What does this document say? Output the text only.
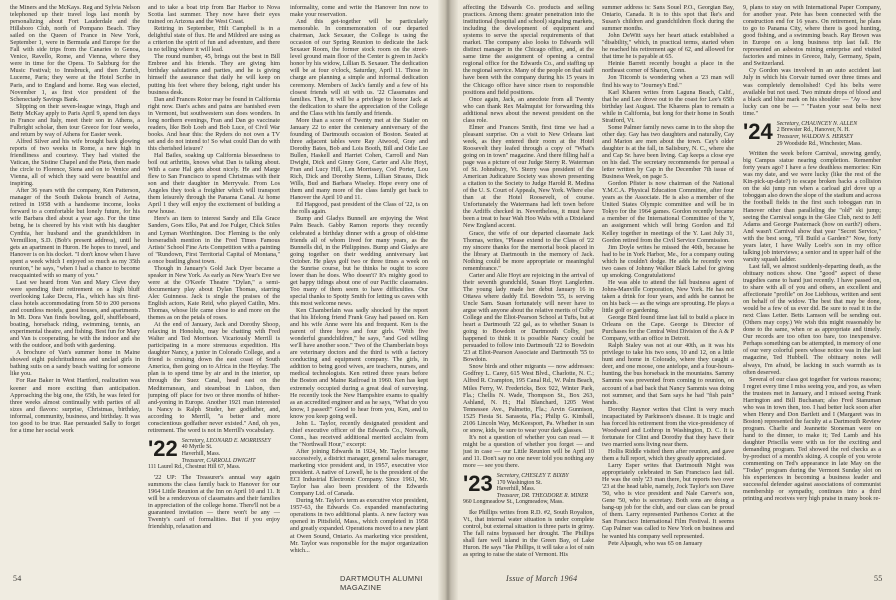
the Miners and the McKays. Reg and Sylvia Nelson telephoned up their travel logs last month by personalizing about Fort Lauderdale and the Hillsboro Club, north of Pompano Beach. They sailed on the Queen of France in New York, September 1, were in Bermuda and Europe for the Fall with side trips from the Canaries to Genoa, Venice, Ravello, Rome, and Vienna, where they were in time for the Opera. To Salzburg for the Music Festival; to Innsbruck, and then Zurich, Lucerne, Paris; they were at the Hotel Scribe in Paris, and to England and home. Reg was elected, November 1, as first vice president of the Schenectady Savings Bank.

Slipping on their seven-league wings, Hugh and Betty McKay apply to Paris April 9, spend ten days in France and Italy, meet their son in Athens, a Fulbright scholar, then tour Greece for four weeks, and return by way of Athens for Easter week.

Alfred Silver and his wife brought back glowing reports of two weeks in Rome, a new high in friendliness and courtesy. They had visited the Vatican, the Sistine Chapel and the Pieta, then made the circle to Florence, Siena and on to Venice and Vienna, all of which they said were beautiful and inspiring.

After 36 years with the company, Ken Patterson, manager of the South Dakota branch of Aetna, retired in 1958 with a handsome income, looks forward to a comfortable but lonely future, for his wife Barbara died about a year ago. For the time being, he is cheered by his visit with his daughter Cynthia, her husband and the grandchildren in Vermillion, S.D. (Bob's present address), until he gets an apartment in Huron. He hopes to travel, and Hanover is on his docket. "I don't know when I have spent a week which I enjoyed so much as my 35th reunion," he says, "when I had a chance to become reacquainted with so many of you."

Last we heard from Van and Mary Cleve they were spending their retirement on a high bluff overlooking Lake Decra, Fla., which has six first-class hotels accommodating from 50 to 200 persons and countless motels, guest houses, and apartments. In Mt. Dora Van finds bowling, golf, shuffleboard, boating, horseback riding, swimming, tennis, an experimental theatre, and fishing. Best fun for Mary and Van is cooperating, he with the indoor and she with the outdoor, and both with gardening.

A brochure of Van's summer home in Maine showed eight pulchritudinous and unclad girls in bathing suits on a sandy beach waiting for someone like you.

For Rae Baker in West Hartford, realization was keener and more exciting than anticipation. Approaching the big one, the 65th, he was feted for three weeks almost continually with parties of all sizes and flavors: surprise, Christmas, birthday, informal, community, business, and birthday. It was too good to be true. Rae persuaded Sally to forget for a time her social work

and to take a boat trip from Bar Harbor to Nova Scotia last summer. They now have their eyes trained on Arizona and the West Coast.

Retiring in September, Hilt Campbell is in a delightful state of flux. He and Mildred are using as a criterion the spirit of fun and adventure, and there is no telling where it will lead.

The round number, 45, brings out the best in Bill Embree and his friends. They are giving him birthday salutations and parties, and he is giving himself the assurance that daily he will keep on putting his feet where they belong, right under his business desk.

Dan and Frances Rotor may be found in California right now. Dan's aches and pains are banished even in Vermont, but southwestern sun does wonders. In long northern evenings, Fran and Dan go vaccinate readers, like Bob Loeb and Bob Luce, of Civil War books. And hear this: the Ryders do not own a TV set and do not intend to! So what could Dan do with this cherished leisure?

Hal Bailes, soaking up California blessedness to boil out arthritis, knows what Dan is talking about. With a cane Hal gets about nicely. He and Marge flew to San Francisco to spend Christmas with their son and their daughter in Merryvale. From Los Angeles they took a freighter which will transport them leisurely through the Panama Canal. At home April 1 they will enjoy the excitement of building a new house.

Here's an item to interest Sandy and Ella Grace Sanders, Goes Elks, Pat and Joe Fulger, Chick Stiles and Lyman Worthington. Doc Fleming is the only horseradish mention in the Fred Times Famous Artists' School Fine Arts Competition with a painting of "Rundown, First Territorial Capital of Montana," a once bustling ghost town.

Though in January's Gold Jack Dyer became a speaker in New York. As early as New Year's Eve we were at the O'Keefe Theatre "Dylan," a semi-documentary play about Dylan Thomas, starring Alec Guinness. Jack is single the praises of the English actors, Kate Reid, who played Caitlin, Mrs. Thomas, whose life came close to and more on the themes as on the petals of roses.

At the end of January, Jack and Dorothy Shoop, relaxing in Honolulu, may be chatting with Fred Walter and Ted Morrison. Vicariously Merrill is participating in a more strenuous expedition. His daughter Nancy, a junior in Colorado College, and a friend is cruising down the east coast of South America, then going on to Africa in the Heyday. The plan is to spend time by air and in the interior, up through the Suez Canal, head east on the Mediterranean, and steamboat in Lisbon, then jumping off place for two or three months of hither-and-yoning in Europe. Another 1921 man interested is Nancy is Ralph Studer, her godfather, and, according to Merrill, "a better and more conscientious godfather never existed." And, oh yes, retirement. The word is not in Merrill's vocabulary.

'22 Secretary, LEONARD E. MORRISSEY
40 Myrtle St.
Haverhill, Mass.
Treasurer, CARROLL DWIGHT
111 Laurel Rd., Chestnut Hill 67, Mass.

'22 UP: The Treasurer's annual way again summons the class family back to Hanover for our 1964 Little Reunion at the Inn on April 10 and 11. It will be a rendezvous of classmates and their families in appreciation of the college home. There'll not be a guaranteed invitation — there won't be any — Twenty's card of formalities. But if you enjoy friendship, relaxation and

informality, come and write the Hanover Inn now to make your reservation.

And this get-together will be particularly memorable. In commemoration of our departed chairman, Jack Sexauer, the College is using the occasion of our Spring Reunion to dedicate the Jack Sexauer Room, the former stock room on the street-level ground main floor of the Center is given in Jack's honor by his widow, Lillian B. Sexauer. The dedication will be at four o'clock, Saturday, April 11. Those in charge are planning a simple and informal dedication ceremony. Members of Jack's family and a few of his closest friends will sit with us. '22 Classmates and families. Then, it will be a privilege to honor Jack at the dedication to share the appreciation of the College and the Class with his family and friends.

More than a score of Twenty met at the Statler on January 22 to enter the centenary anniversary of the founding of Dartmouth occasion of Boston. Seated at three adjacent tables were Ray Atwood, Gray and Dorothy Bates, Bob and Lois Booth, Bill and Odie Lee Bullen, Haskell and Harriet Cohen, Carroll and Nan Dwight, Dick and Ginny Gore, Carter and Alie Hoyt, Fran and Lucy Hill, Len Morrissey, Cod Porter, Lou Rich, Dick and Dorothy Stems, Lillian Strauss, Dick Wills, Bud and Barbara Wiseley. Hope every one of them and many more of the class family get back to Hanover the April 10 and 11.

Ed Hapgood, past president of the Class of '22, is on the rolls again.

Bump and Gladys Bunnell are enjoying the West Palm Beach. Gabby Ramon reports they recently celebrated a birthday dinner with a group of old-time friends all of whom lived for many years, as the Bunnells did, in the Philippines. Bump and Gladys are going together on their wedding anniversary last October. He plays golf two or three times a week on the Sunrise course, but he thinks he ought to score lower than he does. Who doesn't? It's mighty good to get happy tidings about one of our Pacific classmates. Too many of them seem to have difficulties. Our special thanks to Spotty Smith for letting us caves with this most welcome news.

Ken Chamberlain was sadly shocked by the report that his lifelong friend Frank Gray had passed on. Ken and his wife Anne were his and frequent. Ken is the parent of three boys and four girls. "With five wonderful grandchildren," he says, "and God willing we'll have another soon." Two of the Chamberlain boys are veterinary doctors and the third is with a factory conducting and equipment company. The girls, in addition to being good wives, are teachers, nurses, and medical technologists. Ken retired three years before the Boston and Maine Railroad in 1960. Ken has kept extremely occupied during a great deal of surveying. He recently took the New Hampshire exams to qualify as an accredited engineer and as he says, "What do you know, I passed!" Good to hear from you, Ken, and to know you keep going well.

John L. Taylor, recently designated president and chief executive officer of the Edwards Co., Norwalk, Conn., has received additional merited acclaim from the "Northwall Hour," excerpt:

After joining Edwards in 1924, Mr. Taylor became successively, a district manager, general sales manager, marketing vice president and, in 1957, executive vice president. A native of Lowell, he is the president of the ECI Industrial Electronic Company. Since 1961, Mr. Taylor has also been president of the Edwards Company Ltd. of Canada.

During Mr. Taylor's term as executive vice president, 1957-63, the Edwards Co. expanded manufacturing operations in two additional plants. A new factory was opened in Pittsfield, Mass., which completed in 1958 and greatly expanded. Operations moved to a new plant at Owen Sound, Ontario. As marketing vice president, Mr. Taylor was responsible for the major organization which...

54	DARTMOUTH ALUMNI MAGAZINE

affecting the Edwards Co. products and selling practices. Among them: greater penetration into the institutional (hospital and school) signaling markets, including the development of equipment and systems to serve the special requirements of that market. The company also looks to Edwards will distinct manager in the Chicago office, and, at the same time the assignment of opening a central regional office for the Edwards Co., and staffing up the regional service. Many of the people on that staff have been with the company during his 15 years in the Chicago office have since risen to responsible positions and field positions.

Once again, Jack, an anecdote from all Twenty who can thank Rex Malmquist for forwarding this additional news about the newest president on the class role.

Elmer and Frances Smith, first time we had a pleasant surprise. On a visit to New Orleans last week, as they entered their room at the Hotel Roosevelt they leafed through a copy of "What's going on in town" magazine. And there filling half a page was a picture of our Judge Sterry R. Waterman of St. Johnsbury, Vt. Sterry was president of the American Judicature Society was shown presenting a citation to the Society to Judge Harold R. Medina of the U. S. Court of Appeals, New York. Where else than at the Hotel Roosevelt, of course. Unfortunately the Watermans had left town before the Ardiffs checked in. Nevertheless, it must have been a treat to hear Wah Hoo Wahs with a Dixieland New England accent.

Grace, the wife of our departed classmate Jack Thomas, writes, "Please extend to the Class of '22 my sincere thanks for the memorial book placed in the library at Dartmouth in the memory of Jack. Nothing could be more appropriate or meaningful remembrance."

Carter and Alie Hoyt are rejoicing in the arrival of their seventh grandchild, Susan Hoyt Langlerhm. The young lady made her debut January 16 in Ottawa where daddy Ed. Bowdoin '55, is serving Uncle Sam. Susan fortunately will never have to argue with anyone about the relative merits of Colby College and the Eliot-Pearson School at Tufts, but at heart a Dartmouth '22 gal, as to whether Susan is going to Bowdoin or Dartmouth Colby, just happened to think it is possible Nancy could be persuaded to follow into Dartmouth '22 to Bowdoin '23 at Eliot-Pearson Associate and Dartmouth '55 to Bowdoin.

Snow birds and other migrants — now addresses: Godfrey L. Carey, 615 West Blvd., Charlotte, N. C.; Alfred R. Crampton, 195 Canal Rd., W. Palm Beach, Miles Ferry, W. Fredericks, Box 922, Winter Park, Fla.; Chellis N. Wade, Thompson St., Box 263, Ashland, N. H.; Hal Blanchard, 1205 West Tennessee Ave., Palmetto, Fla.; Arvin Gunnison, 1525 Fiesta St. Sarasota, Fla.; Philip G. Kimball, 2106 Lincoln Way, McKeesport, Pa. Whether in sun or snow, kids, be sure to wear your dark glasses.

It's not a question of whether you can read — it might be a question of whether you forget — and just in case — our Little Reunion will be April 10 and 11. Don't say no one never told you nothing any more — see you there.

'23 Secretary, CHESLEY T. BIXBY
170 Washington St.
Haverhill, Mass.
Treasurer, DR. THEODORE R. MINER
960 Longmeadow St., Longmeadow, Mass.

Ike Phillips writes from R.D. #2, South Royalton, Vt., that internal water situation is under complete control, but external situation is three parts in grimy. The fall rains bypassed her drought. The Phillips shall fare well island in the Green Bay, of Lake Huron. He says "Ike Phillips, it will take a lot of rain as spring to raise the state of Vermont. His

summer address is: Sans Souel P.O., Georgian Bay, Ontario, Canada. It is to this spot that Ike's and Susan's children and grandchildren flock during the summer months.

John DeWitt says her heart attack established a "disability," which, in practical terms, started when he reached his retirement age of 62, and allowed for that time he is payable at 65.

Heinie Barrett recently bought a place in the northeast corner of Sharon, Conn.

Jon Titcomb is wondering when a '23 man will find his way to "Journey's End."

Karl Kharen writes from Laguna Beach, Calif., that he and Lee drove out to the coast for Lee's 65th birthday last August. The Kharens plan to remain a while in California, but long for their home in South Stratford, Vt.

Some Palmer family news came in to the shop the other day. Gay has two daughters and naturally, Cay and Marion are men about the town. Cay's older daughter is at the fall, in Salisbury, N. C., where she and Cap Sr. have been living. Cap keeps a close eye on his dad. The secretary recommends for perusal a letter written by Cap in the December 7th issue of Business Week, on page 5.

Gordon Pfister is now chairman of the National Y.M.C.A. Physical Education Committee, after four years as the Associate. He is also a member of the United States Olympic committee and will be in Tokyo for the 1964 games. Gordon recently became a member of the International Committee of the Y, an assignment which will bring Gordon and Ed Kelley together in meetings of the Y. Last July 31, Gordon retired from the Civil Service Commission.

Jim Doyle writes he missed the 40th, because he had to be in York Harbor, Me., for a company outing which he couldn't dodge. He adds he recently won two cases of Johnny Walker Black Label for giving up smoking. Congratulations!

He was able to attend the fall business agent of Johns-Manville Corporation, New York. He has not taken a drink for four years, and adds he cannot be on his back — as the wings are sprouting. He plays a little golf or gardening.

George Bird found time last fall to build a place in Orleans on the Cape. George is Director of Purchases for the Central West Division of the A & P Company, with an office in Detroit.

Ralph Staley was not at our 40th, as it was his privilege to take his two sons, 10 and 12, on a little hunt and home in Colorado, where they caught a deer, and one moose, one antelope, and a four-hours-hunting, the bus horseback in the mountains. Sammy Sammis was prevented from coming to reunion, on account of a bad back that Nancy Sammis was doing not summer, and that Sam says he had "fish pain" hands.

Dorothy Raynor writes that Clint is very much incapacitated by Parkinson's disease. It is tragic and has forced his retirement from the vice-presidency of Woodward and Lothrop in Washington, D. C. It is fortunate for Clint and Dorothy that they have their two married sons living near them.

Hollis Riddle visited them after reunion, and gave them a full report, which they greatly appreciated.

Larry Esper writes that Dartmouth Night was appropriately celebrated in San Francisco last fall. He was the only '23 man there, but reports two over '23 at the head table, namely, Jock Taylor's son Dave '50, who is vice president and Nale Carver's son, Gene '50, who is secretary. Both sons are doing a bang-up job for the club, and our class can be proud of them. Larry represented Parthenos Cortez at the San Francisco International Film Festival. It seems Cap Palmer was called to New York on business and he wanted his company well represented.

Pete Alpaugh, who was 65 on January

9, plans to stay on with International Paper Company, for another year. Pete has been connected with the construction end for 16 years. On retirement, he plans to go to Panama City, where there is good hunting, good fishing, and a swimming beach. Ray Brown was in Europe on a long business trip last fall. He represented an asbestos mining enterprise and visited factories and mines in Greece, Italy, Germany, Spain, and Switzerland.

Cy Gordon was involved in an auto accident last July in which his Corvair turned over three times and was completely demolished! Cyd his belts were available but not used. Two minute drops of blood and a black and blue mark on his shoulder — "Ay — how lucky can one be — " "Fasten your seat belts next time."

'24 Secretary, CHAUNCEY N. ALLEN
2 Brewster Rd., Hanover, N. H.
Treasurer, WALDON S. HERSEY
29 Woodside Rd., Winchester, Mass.

Written the week before Carnival, snowing gently, big Campus statue nearing completion. Remember forty years ago? I have a few deathless memories: Kin was my date, and we were lucky (like the rest of the Kin-pick-up-date?) to escape broken backs a collision on the ski jump run when a carload girl dove up a toboggan also down the slope of the stadium and across the football fields in the first such toboggan run in Hanover other than paralleling the "old" ski jump; seeing the Carnival songs in the Glee Club, next to Jeff Adams and George Pasternack (how on earth?) others. And wasn't Carnival show that year "Secret Service," with the best song, "I'll Build a Garden?" Now, forty years later, I have Wally Loeb's son in my office talking job interviews; a senior and in upper half of the varsity squash ladder.

Last fall, we almost suddenly-departing death, as the obituary notices show. One "good" aspect of these tragedies came to hand just recently. I have passed on, to share with all of you and others, an excellent and affectionate "profile" on Joe Liebhous, written and sent on behalf of the widow. The best that may be done, would be a few of us ever did. Be sure to read it in the next Class Letter. Betts Lamson will be sending out. (Others may copy.) We wish this might reasonably be done to the same, when or as appropriate and timely. Our records are too often too bare, too inexpensive. Perhaps something can be attempted, in memory of one of our very colorful peers whose notice was in the last magazine, Ted Hubbell. The obituary notes will always, I'm afraid, be lacking in such warmth as is often deserved.

Several of our class got together for various reasons; I regret every time I miss seeing you, and you, as when the trustees met in January, and I missed seeing Frank Harrington and Bill Buchanan; also Fred Stanuman who was in town then, too. I had better luck soon after when Henry and Don Bartlett and I (Margaret was in Boston) represented the faculty at a Dartmouth Review program. Charlie and Jeannette Stoneman were on hand to the dinner, to make it; Ted Lamb and his daughter Priscilla were with us for the exciting and demanding program. Ted showed the red checks as a by-product of a month's skiing. A couple of you wrote commenting on Ted's appearance in late May on the "Today" program during the Vermont Sunday slot on his experiences in becoming a business leader and successful defender against associations of communist membership or sympathy, continues into a third printing and receives very high praise in many book re-

Issue of March 1964	55
